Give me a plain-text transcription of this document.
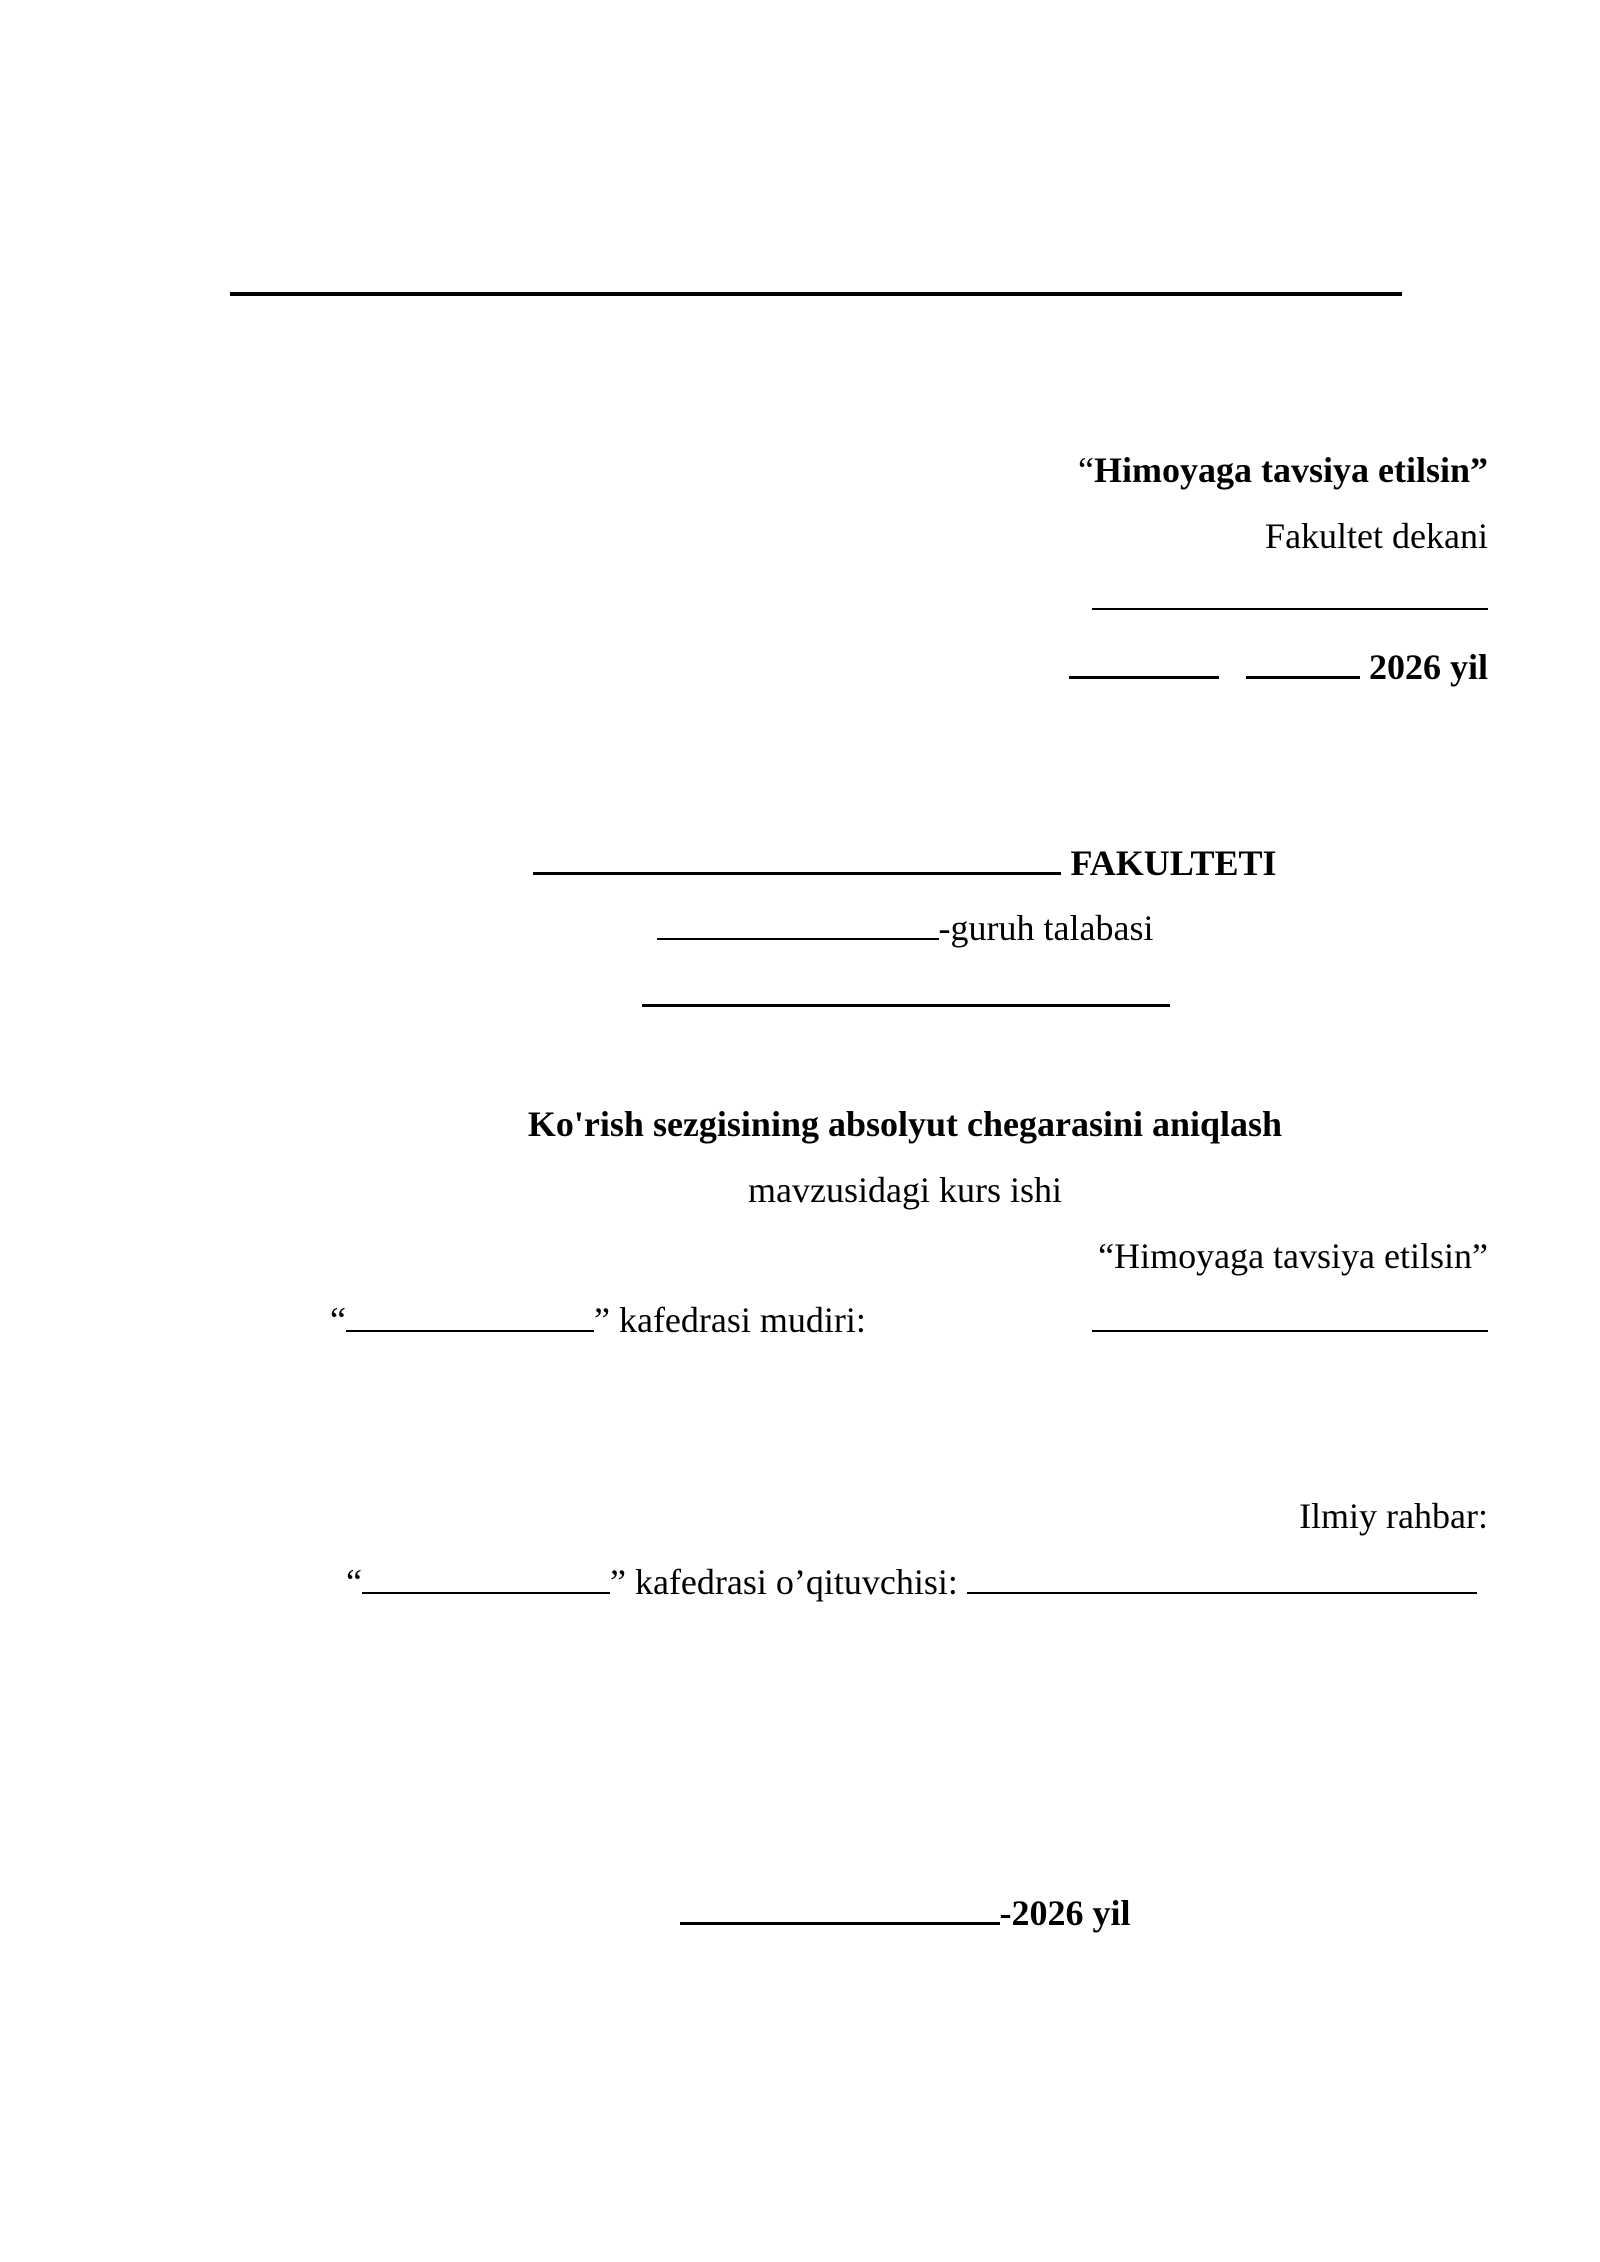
“Himoyaga tavsiya etilsin”
Fakultet dekani
2026 yil
FAKULTETI
-guruh talabasi
Ko'rish sezgisining absolyut chegarasini aniqlash
mavzusidagi kurs ishi
“Himoyaga tavsiya etilsin”
“	” kafedrasi mudiri:
Ilmiy rahbar:
“	” kafedrasi o’qituvchisi:
-2026 yil
